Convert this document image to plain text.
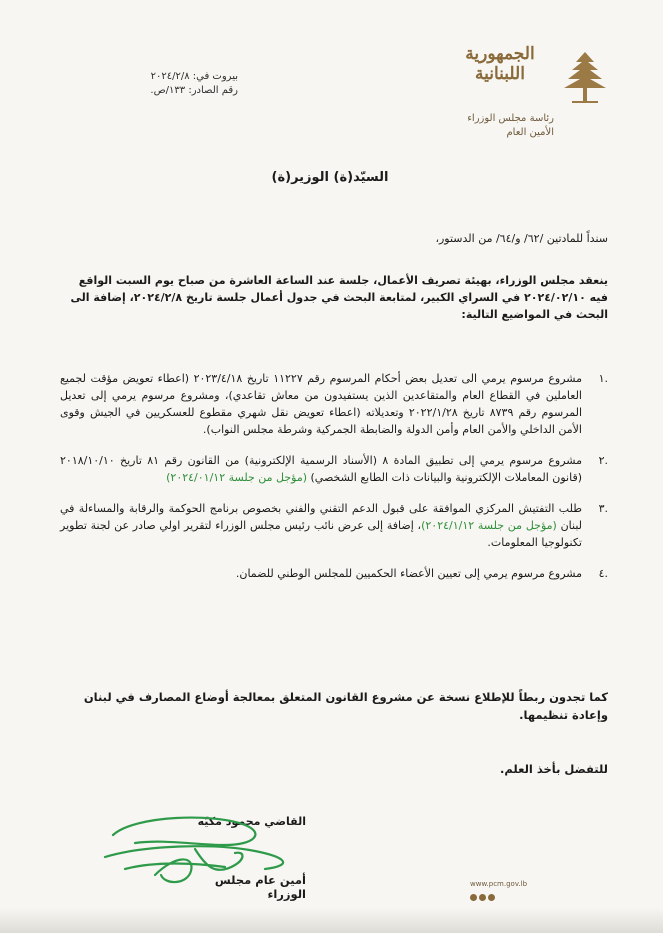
الجمهورية
اللبنانية
رئاسة مجلس الوزراء
الأمين العام
بيروت في: ٢٠٢٤/٢/٨
رقم الصادر: ١٣٣/ص.
السيّد(ة) الوزير(ة)
سنداً للمادتين /٦٢/ و/٦٤/ من الدستور،
ينعقد مجلس الوزراء، بهيئة تصريف الأعمال، جلسة عند الساعة العاشرة من صباح يوم السبت الواقع فيه ٢٠٢٤/٠٢/١٠ في السراي الكبير، لمتابعة البحث في جدول أعمال جلسة تاريخ ٢٠٢٤/٢/٨، إضافة الى البحث في المواضيع التالية:
.١
مشروع مرسوم يرمي الى تعديل بعض أحكام المرسوم رقم ١١٢٢٧ تاريخ ٢٠٢٣/٤/١٨ (اعطاء تعويض مؤقت لجميع العاملين في القطاع العام والمتقاعدين الذين يستفيدون من معاش تقاعدي)، ومشروع مرسوم يرمي إلى تعديل المرسوم رقم ٨٧٣٩ تاريخ ٢٠٢٢/١/٢٨ وتعديلاته (اعطاء تعويض نقل شهري مقطوع للعسكريين في الجيش وقوى الأمن الداخلي والأمن العام وأمن الدولة والضابطة الجمركية وشرطة مجلس النواب).
.٢
مشروع مرسوم يرمي إلى تطبيق المادة ٨ (الأسناد الرسمية الإلكترونية) من القانون رقم ٨١ تاريخ ٢٠١٨/١٠/١٠ (قانون المعاملات الإلكترونية والبيانات ذات الطابع الشخصي) (مؤجل من جلسة ٢٠٢٤/٠١/١٢)
.٣
طلب التفتيش المركزي الموافقة على قبول الدعم التقني والفني بخصوص برنامج الحوكمة والرقابة والمساءلة في لبنان (مؤجل من جلسة ٢٠٢٤/١/١٢)، إضافة إلى عرض نائب رئيس مجلس الوزراء لتقرير اولي صادر عن لجنة تطوير تكنولوجيا المعلومات.
.٤
مشروع مرسوم يرمي إلى تعيين الأعضاء الحكميين للمجلس الوطني للضمان.
كما تجدون ربطاً للإطلاع نسخة عن مشروع القانون المتعلق بمعالجة أوضاع المصارف في لبنان وإعادة تنظيمها.
للتفضل بأخذ العلم.
القاضي محمود مكيّه
أمين عام مجلس الوزراء
www.pcm.gov.lb
